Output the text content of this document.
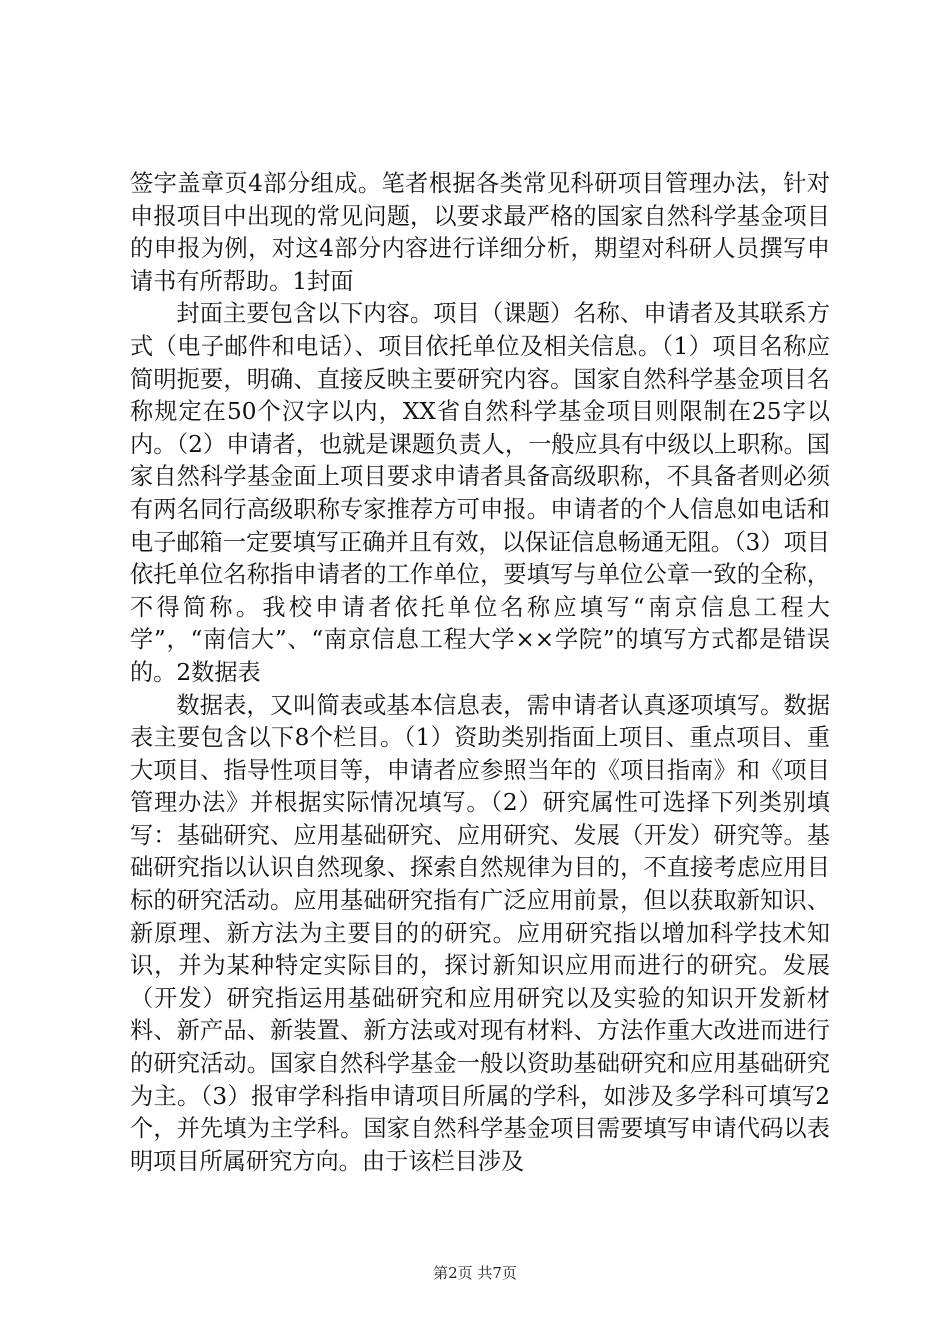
签字盖章页4部分组成。笔者根据各类常见科研项目管理办法，针对申报项目中出现的常见问题，以要求最严格的国家自然科学基金项目的申报为例，对这4部分内容进行详细分析，期望对科研人员撰写申请书有所帮助。1封面

封面主要包含以下内容。项目（课题）名称、申请者及其联系方式（电子邮件和电话）、项目依托单位及相关信息。（1）项目名称应简明扼要，明确、直接反映主要研究内容。国家自然科学基金项目名称规定在50个汉字以内，XX省自然科学基金项目则限制在25字以内。（2）申请者，也就是课题负责人，一般应具有中级以上职称。国家自然科学基金面上项目要求申请者具备高级职称，不具备者则必须有两名同行高级职称专家推荐方可申报。申请者的个人信息如电话和电子邮箱一定要填写正确并且有效，以保证信息畅通无阻。（3）项目依托单位名称指申请者的工作单位，要填写与单位公章一致的全称，不得简称。我校申请者依托单位名称应填写“南京信息工程大学”，“南信大”、“南京信息工程大学××学院”的填写方式都是错误的。2数据表

数据表，又叫简表或基本信息表，需申请者认真逐项填写。数据表主要包含以下8个栏目。（1）资助类别指面上项目、重点项目、重大项目、指导性项目等，申请者应参照当年的《项目指南》和《项目管理办法》并根据实际情况填写。（2）研究属性可选择下列类别填写：基础研究、应用基础研究、应用研究、发展（开发）研究等。基础研究指以认识自然现象、探索自然规律为目的，不直接考虑应用目标的研究活动。应用基础研究指有广泛应用前景，但以获取新知识、新原理、新方法为主要目的的研究。应用研究指以增加科学技术知识，并为某种特定实际目的，探讨新知识应用而进行的研究。发展（开发）研究指运用基础研究和应用研究以及实验的知识开发新材料、新产品、新装置、新方法或对现有材料、方法作重大改进而进行的研究活动。国家自然科学基金一般以资助基础研究和应用基础研究为主。（3）报审学科指申请项目所属的学科，如涉及多学科可填写2个，并先填为主学科。国家自然科学基金项目需要填写申请代码以表明项目所属研究方向。由于该栏目涉及

第2页 共7页
